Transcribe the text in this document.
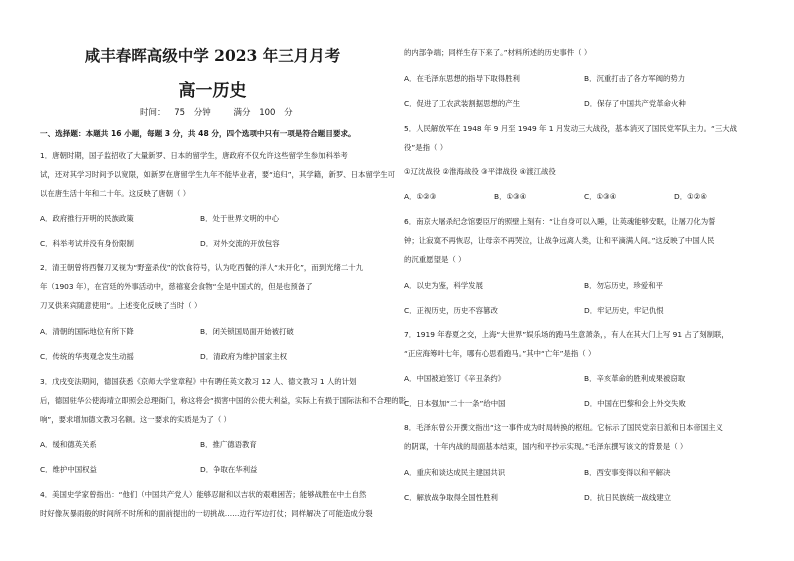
咸丰春晖高级中学 2023 年三月月考
高一历史
时间： 75 分钟	满分 100 分
一、选择题：本题共 16 小题，每题 3 分，共 48 分，四个选项中只有一项是符合题目要求。
1．唐朝时期，国子监招收了大量新罗、日本的留学生，唐政府不仅允许这些留学生参加科举考
试，还对其学习时间予以宽限，如新罗在唐留学生九年不能毕业者，要“追归”，其学籍，新罗、日本留学生可
以在唐生活十年和二十年。这反映了唐朝（ ）
A．政府推行开明的民族政策	B．处于世界文明的中心
C．科举考试并没有身份限制	D．对外交流的开放包容
2．清王朝曾将西餐刀叉视为“野蛮杀伐”的饮食符号，认为吃西餐的洋人“未开化”，而到光绪二十九
年（1903 年），在宫廷的外事活动中，慈禧宴会食物“全是中国式的，但是也预备了
刀叉供来宾随意使用”。上述变化反映了当时（ ）
A．清朝的国际地位有所下降	B．闭关锁国局面开始被打破
C．传统的华夷观念发生动摇	D．清政府为维护国家主权
3．戊戌变法期间，德国获悉《京师大学堂章程》中有聘任英文教习 12 人、德文教习 1 人的计划
后，德国驻华公使海靖立即照会总理衙门，称这将会“损害中国的公使大利益，实际上有损于国际法和不合理的影
响”，要求增加德文教习名额。这一要求的实质是为了（ ）
A．缓和德英关系	B．推广德语教育
C．维护中国权益	D．争取在华利益
4．美国史学家曾指出：“他们（中国共产党人）能够忍耐和以吉状的艰难困苦；能够战胜在中土自然
时好像灰暴雨般的时间所不时所和的面前提出的一切挑战……边行军边打仗；同样解决了可能造成分裂
的内部争端；同样生存下来了。”材料所述的历史事件（ ）
A．在毛泽东思想的指导下取得胜利	B．沉重打击了各方军阀的势力
C．促进了工农武装割据思想的产生	D．保存了中国共产党革命火种
5．人民解放军在 1948 年 9 月至 1949 年 1 月发动三大战役，基本消灭了国民党军队主力。“三大战
役”是指（ ）
①辽沈战役 ②淮海战役 ③平津战役 ④渡江战役
A．①②③	B．①③④	C．①③④	D．①②④
6．南京大屠杀纪念馆要臣厅的照壁上刻有：“让自身可以入睡，让英魂能够安眠，让屠刀化为誓
钟；让寂寞不再恢忍，让母亲不再哭泣，让战争远离人类，让和平滴满人间。”这反映了中国人民
的沉重愿望是（ ）
A．以史为鉴，科学发展	B．勿忘历史，珍爱和平
C．正视历史，历史不容篡改	D．牢记历史，牢记仇恨
7．1919 年春夏之交，上海“大世界”娱乐场的跑马生意萧条，，有人在其大门上写 91 占了刻制联，
“正应海筹叶七年，哪有心思看跑马。”其中“亡年”是指（ ）
A．中国被迫签订《辛丑条约》	B．辛亥革命的胜利成果被窃取
C．日本强加“二十一条”给中国	D．中国在巴黎和会上外交失败
8．毛泽东曾公开撰文指出“这一事件成为时局转换的枢纽。它标示了国民党亲日派和日本帝国主义
的阴谋，十年内战的局面基本结束，国内和平抄示实现。”毛泽东撰写该文的背景是（ ）
A．重庆和谈达成民主建国共识	B．西安事变得以和平解决
C．解放战争取得全国性胜利	D．抗日民族统一战线建立
